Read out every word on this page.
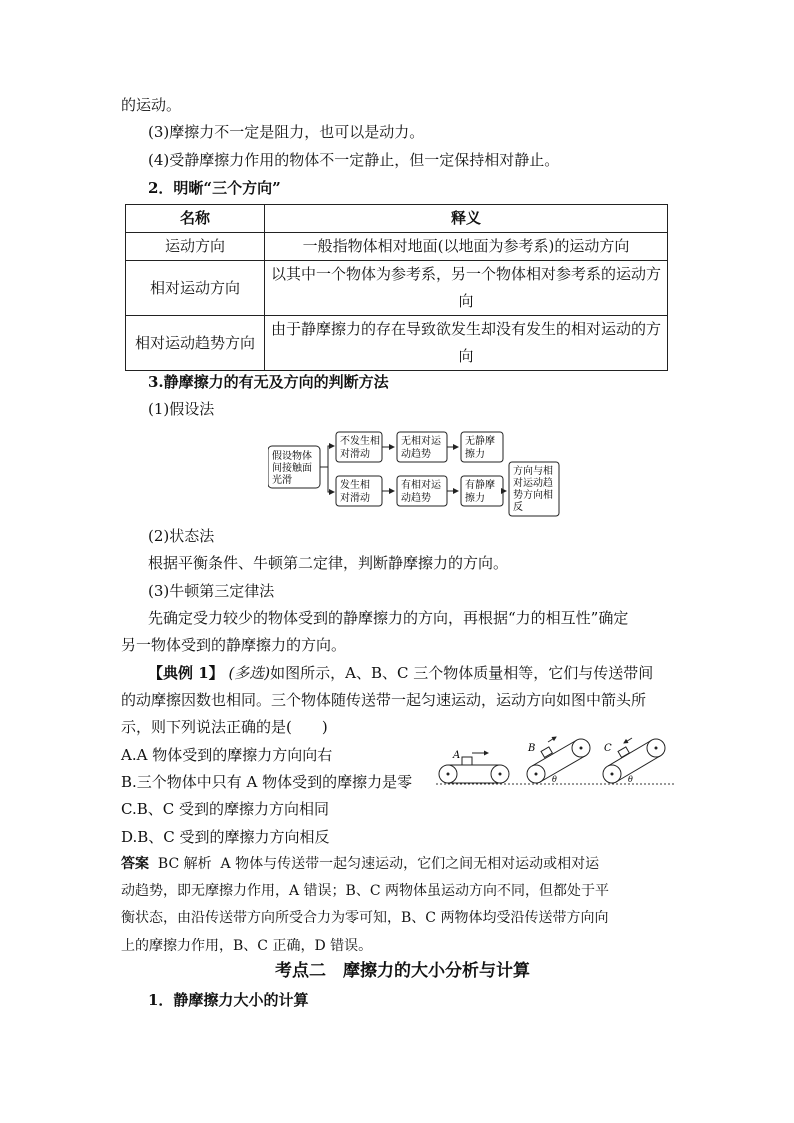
的运动。
(3)摩擦力不一定是阻力，也可以是动力。
(4)受静摩擦力作用的物体不一定静止，但一定保持相对静止。
2．明晰“三个方向”
名称	释义
运动方向	一般指物体相对地面(以地面为参考系)的运动方向
相对运动方向	以其中一个物体为参考系，另一个物体相对参考系的运动方向
相对运动趋势方向	由于静摩擦力的存在导致欲发生却没有发生的相对运动的方向
3.静摩擦力的有无及方向的判断方法
(1)假设法
假设物体
间接触面
光滑
不发生相
对滑动
无相对运
动趋势
无静摩
擦力
发生相
对滑动
有相对运
动趋势
有静摩
擦力
方向与相
对运动趋
势方向相
反
(2)状态法
根据平衡条件、牛顿第二定律，判断静摩擦力的方向。
(3)牛顿第三定律法
先确定受力较少的物体受到的静摩擦力的方向，再根据“力的相互性”确定
另一物体受到的静摩擦力的方向。
【典例 1】 (多选)如图所示，A、B、C 三个物体质量相等，它们与传送带间
的动摩擦因数也相同。三个物体随传送带一起匀速运动，运动方向如图中箭头所
示，则下列说法正确的是(　　)
A.A 物体受到的摩擦力方向向右
B.三个物体中只有 A 物体受到的摩擦力是零
C.B、C 受到的摩擦力方向相同
D.B、C 受到的摩擦力方向相反
A
B
θ
C
θ
答案 BC 解析 A 物体与传送带一起匀速运动，它们之间无相对运动或相对运
动趋势，即无摩擦力作用，A 错误；B、C 两物体虽运动方向不同，但都处于平
衡状态，由沿传送带方向所受合力为零可知，B、C 两物体均受沿传送带方向向
上的摩擦力作用，B、C 正确，D 错误。
考点二　摩擦力的大小分析与计算
1．静摩擦力大小的计算
